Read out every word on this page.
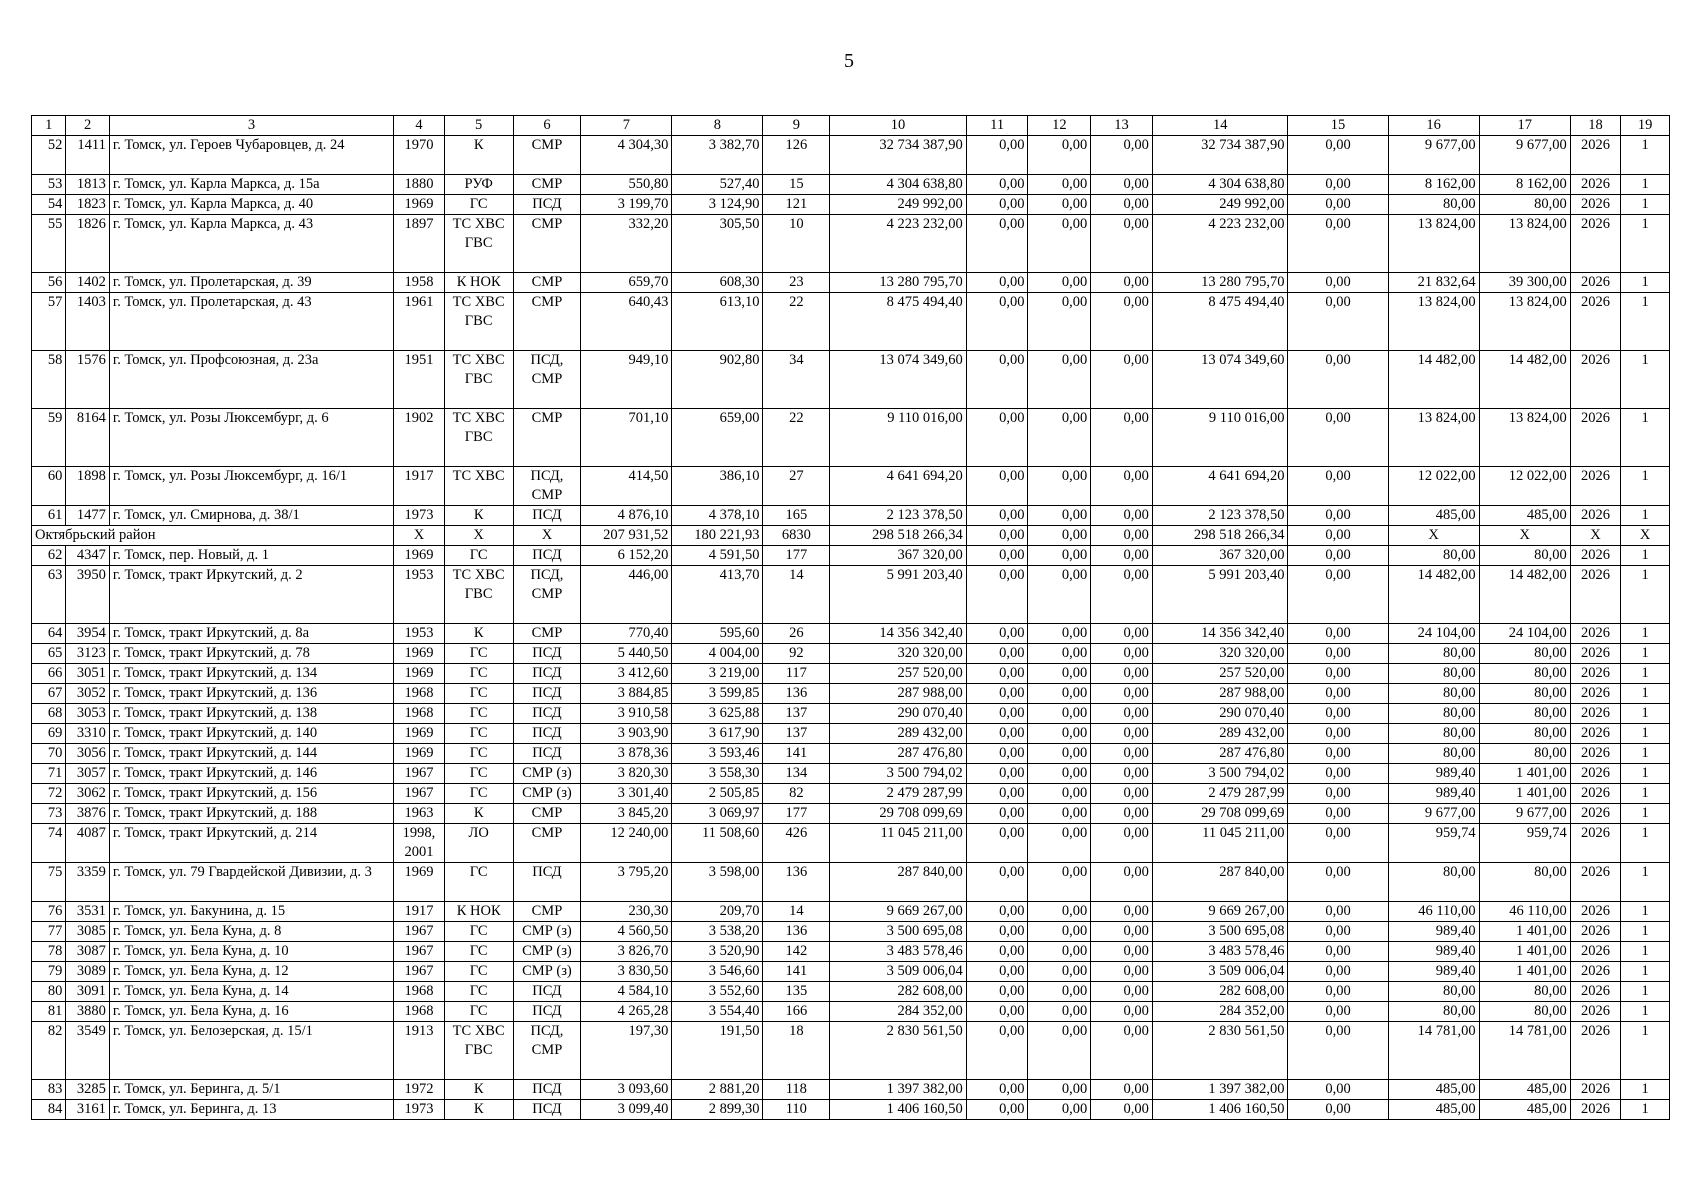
5
1	2	3	4	5	6	7	8	9	10	11	12	13	14	15	16	17	18	19
52	1411	г. Томск, ул. Героев Чубаровцев, д. 24	1970	К	СМР	4 304,30	3 382,70	126	32 734 387,90	0,00	0,00	0,00	32 734 387,90	0,00	9 677,00	9 677,00	2026	1
53	1813	г. Томск, ул. Карла Маркса, д. 15а	1880	РУФ	СМР	550,80	527,40	15	4 304 638,80	0,00	0,00	0,00	4 304 638,80	0,00	8 162,00	8 162,00	2026	1
54	1823	г. Томск, ул. Карла Маркса, д. 40	1969	ГС	ПСД	3 199,70	3 124,90	121	249 992,00	0,00	0,00	0,00	249 992,00	0,00	80,00	80,00	2026	1
55	1826	г. Томск, ул. Карла Маркса, д. 43	1897	ТС ХВС ГВС	СМР	332,20	305,50	10	4 223 232,00	0,00	0,00	0,00	4 223 232,00	0,00	13 824,00	13 824,00	2026	1
56	1402	г. Томск, ул. Пролетарская, д. 39	1958	К НОК	СМР	659,70	608,30	23	13 280 795,70	0,00	0,00	0,00	13 280 795,70	0,00	21 832,64	39 300,00	2026	1
57	1403	г. Томск, ул. Пролетарская, д. 43	1961	ТС ХВС ГВС	СМР	640,43	613,10	22	8 475 494,40	0,00	0,00	0,00	8 475 494,40	0,00	13 824,00	13 824,00	2026	1
58	1576	г. Томск, ул. Профсоюзная, д. 23а	1951	ТС ХВС ГВС	ПСД, СМР	949,10	902,80	34	13 074 349,60	0,00	0,00	0,00	13 074 349,60	0,00	14 482,00	14 482,00	2026	1
59	8164	г. Томск, ул. Розы Люксембург, д. 6	1902	ТС ХВС ГВС	СМР	701,10	659,00	22	9 110 016,00	0,00	0,00	0,00	9 110 016,00	0,00	13 824,00	13 824,00	2026	1
60	1898	г. Томск, ул. Розы Люксембург, д. 16/1	1917	ТС ХВС	ПСД, СМР	414,50	386,10	27	4 641 694,20	0,00	0,00	0,00	4 641 694,20	0,00	12 022,00	12 022,00	2026	1
61	1477	г. Томск, ул. Смирнова, д. 38/1	1973	К	ПСД	4 876,10	4 378,10	165	2 123 378,50	0,00	0,00	0,00	2 123 378,50	0,00	485,00	485,00	2026	1
Октябрьский район			Х	Х	Х	207 931,52	180 221,93	6830	298 518 266,34	0,00	0,00	0,00	298 518 266,34	0,00	Х	Х	Х	Х
62	4347	г. Томск, пер. Новый, д. 1	1969	ГС	ПСД	6 152,20	4 591,50	177	367 320,00	0,00	0,00	0,00	367 320,00	0,00	80,00	80,00	2026	1
63	3950	г. Томск, тракт Иркутский, д. 2	1953	ТС ХВС ГВС	ПСД, СМР	446,00	413,70	14	5 991 203,40	0,00	0,00	0,00	5 991 203,40	0,00	14 482,00	14 482,00	2026	1
64	3954	г. Томск, тракт Иркутский, д. 8а	1953	К	СМР	770,40	595,60	26	14 356 342,40	0,00	0,00	0,00	14 356 342,40	0,00	24 104,00	24 104,00	2026	1
65	3123	г. Томск, тракт Иркутский, д. 78	1969	ГС	ПСД	5 440,50	4 004,00	92	320 320,00	0,00	0,00	0,00	320 320,00	0,00	80,00	80,00	2026	1
66	3051	г. Томск, тракт Иркутский, д. 134	1969	ГС	ПСД	3 412,60	3 219,00	117	257 520,00	0,00	0,00	0,00	257 520,00	0,00	80,00	80,00	2026	1
67	3052	г. Томск, тракт Иркутский, д. 136	1968	ГС	ПСД	3 884,85	3 599,85	136	287 988,00	0,00	0,00	0,00	287 988,00	0,00	80,00	80,00	2026	1
68	3053	г. Томск, тракт Иркутский, д. 138	1968	ГС	ПСД	3 910,58	3 625,88	137	290 070,40	0,00	0,00	0,00	290 070,40	0,00	80,00	80,00	2026	1
69	3310	г. Томск, тракт Иркутский, д. 140	1969	ГС	ПСД	3 903,90	3 617,90	137	289 432,00	0,00	0,00	0,00	289 432,00	0,00	80,00	80,00	2026	1
70	3056	г. Томск, тракт Иркутский, д. 144	1969	ГС	ПСД	3 878,36	3 593,46	141	287 476,80	0,00	0,00	0,00	287 476,80	0,00	80,00	80,00	2026	1
71	3057	г. Томск, тракт Иркутский, д. 146	1967	ГС	СМР (з)	3 820,30	3 558,30	134	3 500 794,02	0,00	0,00	0,00	3 500 794,02	0,00	989,40	1 401,00	2026	1
72	3062	г. Томск, тракт Иркутский, д. 156	1967	ГС	СМР (з)	3 301,40	2 505,85	82	2 479 287,99	0,00	0,00	0,00	2 479 287,99	0,00	989,40	1 401,00	2026	1
73	3876	г. Томск, тракт Иркутский, д. 188	1963	К	СМР	3 845,20	3 069,97	177	29 708 099,69	0,00	0,00	0,00	29 708 099,69	0,00	9 677,00	9 677,00	2026	1
74	4087	г. Томск, тракт Иркутский, д. 214	1998, 2001	ЛО	СМР	12 240,00	11 508,60	426	11 045 211,00	0,00	0,00	0,00	11 045 211,00	0,00	959,74	959,74	2026	1
75	3359	г. Томск, ул. 79 Гвардейской Дивизии, д. 3	1969	ГС	ПСД	3 795,20	3 598,00	136	287 840,00	0,00	0,00	0,00	287 840,00	0,00	80,00	80,00	2026	1
76	3531	г. Томск, ул. Бакунина, д. 15	1917	К НОК	СМР	230,30	209,70	14	9 669 267,00	0,00	0,00	0,00	9 669 267,00	0,00	46 110,00	46 110,00	2026	1
77	3085	г. Томск, ул. Бела Куна, д. 8	1967	ГС	СМР (з)	4 560,50	3 538,20	136	3 500 695,08	0,00	0,00	0,00	3 500 695,08	0,00	989,40	1 401,00	2026	1
78	3087	г. Томск, ул. Бела Куна, д. 10	1967	ГС	СМР (з)	3 826,70	3 520,90	142	3 483 578,46	0,00	0,00	0,00	3 483 578,46	0,00	989,40	1 401,00	2026	1
79	3089	г. Томск, ул. Бела Куна, д. 12	1967	ГС	СМР (з)	3 830,50	3 546,60	141	3 509 006,04	0,00	0,00	0,00	3 509 006,04	0,00	989,40	1 401,00	2026	1
80	3091	г. Томск, ул. Бела Куна, д. 14	1968	ГС	ПСД	4 584,10	3 552,60	135	282 608,00	0,00	0,00	0,00	282 608,00	0,00	80,00	80,00	2026	1
81	3880	г. Томск, ул. Бела Куна, д. 16	1968	ГС	ПСД	4 265,28	3 554,40	166	284 352,00	0,00	0,00	0,00	284 352,00	0,00	80,00	80,00	2026	1
82	3549	г. Томск, ул. Белозерская, д. 15/1	1913	ТС ХВС ГВС	ПСД, СМР	197,30	191,50	18	2 830 561,50	0,00	0,00	0,00	2 830 561,50	0,00	14 781,00	14 781,00	2026	1
83	3285	г. Томск, ул. Беринга, д. 5/1	1972	К	ПСД	3 093,60	2 881,20	118	1 397 382,00	0,00	0,00	0,00	1 397 382,00	0,00	485,00	485,00	2026	1
84	3161	г. Томск, ул. Беринга, д. 13	1973	К	ПСД	3 099,40	2 899,30	110	1 406 160,50	0,00	0,00	0,00	1 406 160,50	0,00	485,00	485,00	2026	1
